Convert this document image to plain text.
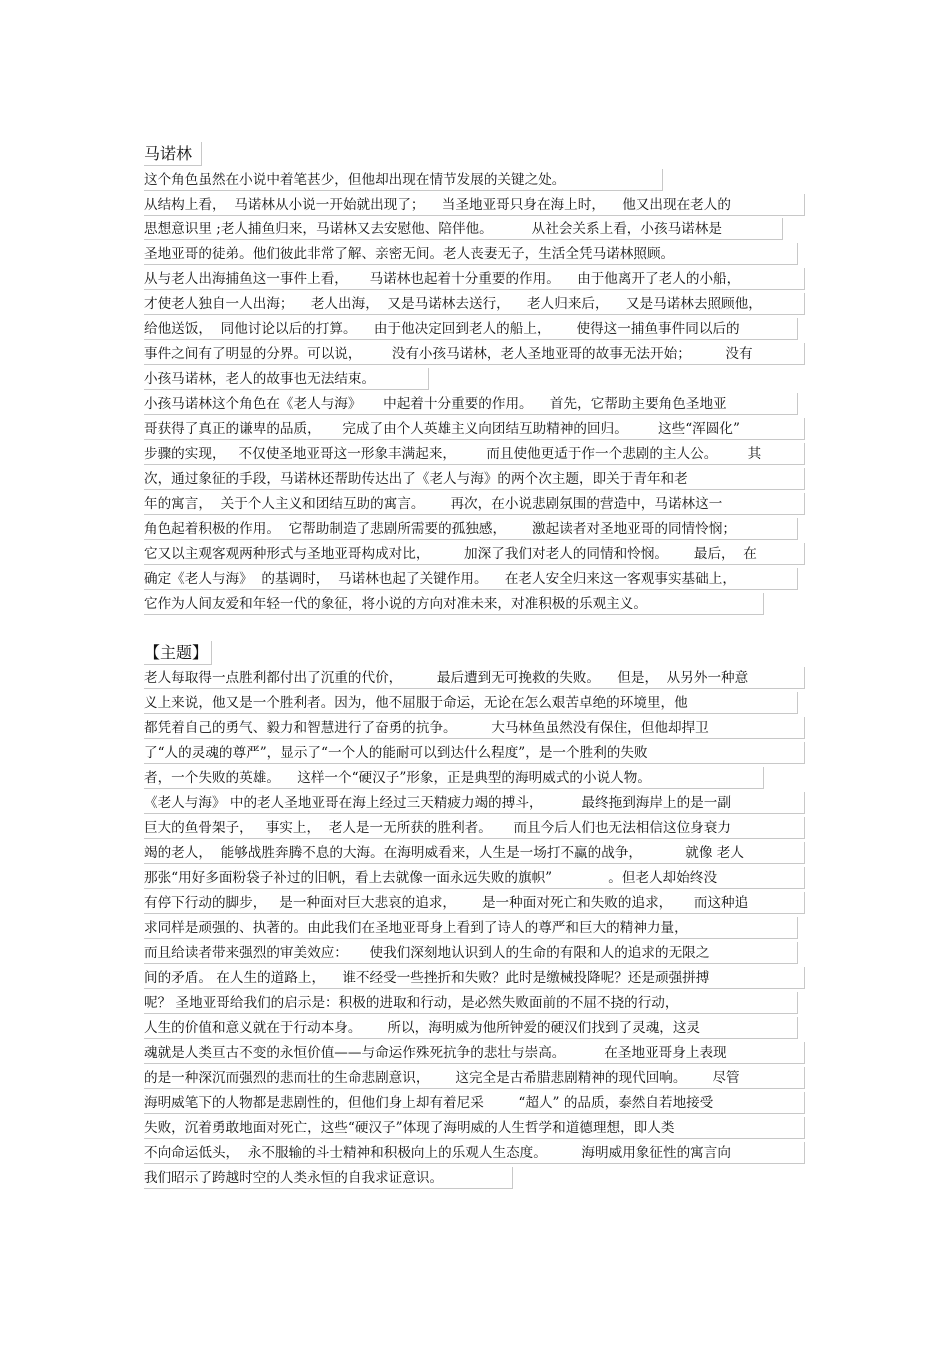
马诺林
这个角色虽然在小说中着笔甚少，但他却出现在情节发展的关键之处。
从结构上看，  马诺林从小说一开始就出现了；    当圣地亚哥只身在海上时，    他又出现在老人的
思想意识里 ;老人捕鱼归来，马诺林又去安慰他、陪伴他。         从社会关系上看，小孩马诺林是
圣地亚哥的徒弟。他们彼此非常了解、亲密无间。老人丧妻无子，生活全凭马诺林照顾。
从与老人出海捕鱼这一事件上看，     马诺林也起着十分重要的作用。    由于他离开了老人的小船，
才使老人独自一人出海；    老人出海，  又是马诺林去送行，    老人归来后，    又是马诺林去照顾他，
给他送饭，  同他讨论以后的打算。    由于他决定回到老人的船上，      使得这一捕鱼事件同以后的
事件之间有了明显的分界。可以说，       没有小孩马诺林，老人圣地亚哥的故事无法开始；        没有
小孩马诺林，老人的故事也无法结束。
小孩马诺林这个角色在《老人与海》     中起着十分重要的作用。    首先，它帮助主要角色圣地亚
哥获得了真正的谦卑的品质，     完成了由个人英雄主义向团结互助精神的回归。       这些“浑圆化”
步骤的实现，   不仅使圣地亚哥这一形象丰满起来，       而且使他更适于作一个悲剧的主人公。       其
次，通过象征的手段，马诺林还帮助传达出了《老人与海》的两个次主题，即关于青年和老
年的寓言，  关于个人主义和团结互助的寓言。      再次，在小说悲剧氛围的营造中，马诺林这一
角色起着积极的作用。  它帮助制造了悲剧所需要的孤独感，      激起读者对圣地亚哥的同情怜悯；
它又以主观客观两种形式与圣地亚哥构成对比，        加深了我们对老人的同情和怜悯。      最后，  在
确定《老人与海》  的基调时，  马诺林也起了关键作用。    在老人安全归来这一客观事实基础上，
它作为人间友爱和年轻一代的象征，将小说的方向对准未来，对准积极的乐观主义。
【主题】
老人每取得一点胜利都付出了沉重的代价，        最后遭到无可挽救的失败。    但是，  从另外一种意
义上来说，他又是一个胜利者。因为，他不屈服于命运，无论在怎么艰苦卓绝的环境里，他
都凭着自己的勇气、毅力和智慧进行了奋勇的抗争。        大马林鱼虽然没有保住，但他却捍卫
了“人的灵魂的尊严”，显示了“一个人的能耐可以到达什么程度”，是一个胜利的失败
者，一个失败的英雄。    这样一个“硬汉子”形象，正是典型的海明威式的小说人物。
《老人与海》 中的老人圣地亚哥在海上经过三天精疲力竭的搏斗，         最终拖到海岸上的是一副
巨大的鱼骨架子，   事实上，  老人是一无所获的胜利者。     而且今后人们也无法相信这位身衰力
竭的老人，  能够战胜奔腾不息的大海。在海明威看来，人生是一场打不赢的战争，          就像 老人
那张“用好多面粉袋子补过的旧帆，看上去就像一面永远失败的旗帜”             。但老人却始终没
有停下行动的脚步，   是一种面对巨大悲哀的追求，      是一种面对死亡和失败的追求，     而这种追
求同样是顽强的、执著的。由此我们在圣地亚哥身上看到了诗人的尊严和巨大的精神力量，
而且给读者带来强烈的审美效应：     使我们深刻地认识到人的生命的有限和人的追求的无限之
间的矛盾。 在人生的道路上，    谁不经受一些挫折和失败？此时是缴械投降呢？还是顽强拼搏
呢？ 圣地亚哥给我们的启示是：积极的进取和行动，是必然失败面前的不屈不挠的行动，
人生的价值和意义就在于行动本身。      所以，海明威为他所钟爱的硬汉们找到了灵魂，这灵
魂就是人类亘古不变的永恒价值——与命运作殊死抗争的悲壮与崇高。         在圣地亚哥身上表现
的是一种深沉而强烈的悲而壮的生命悲剧意识，      这完全是古希腊悲剧精神的现代回响。      尽管
海明威笔下的人物都是悲剧性的，但他们身上却有着尼采        “超人” 的品质，泰然自若地接受
失败，沉着勇敢地面对死亡，这些“硬汉子”体现了海明威的人生哲学和道德理想，即人类
不向命运低头，  永不服输的斗士精神和积极向上的乐观人生态度。        海明威用象征性的寓言向
我们昭示了跨越时空的人类永恒的自我求证意识。
